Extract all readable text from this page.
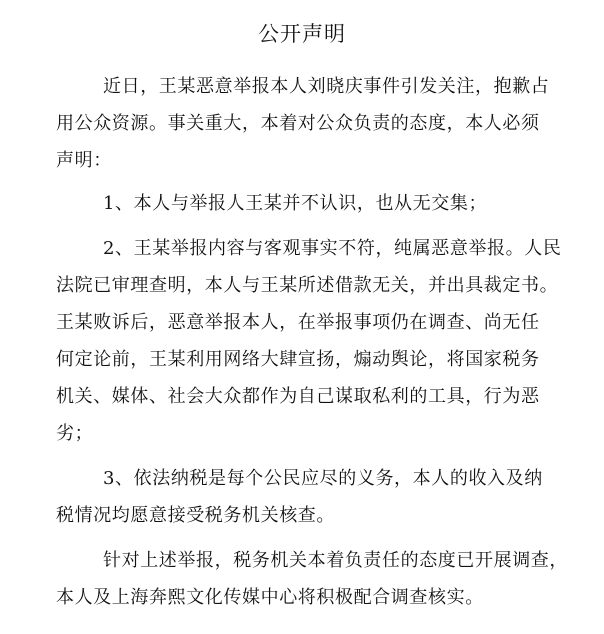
公开声明
近日，王某恶意举报本人刘晓庆事件引发关注，抱歉占
用公众资源。事关重大，本着对公众负责的态度，本人必须
声明：
1、本人与举报人王某并不认识，也从无交集；
2、王某举报内容与客观事实不符，纯属恶意举报。人民
法院已审理查明，本人与王某所述借款无关，并出具裁定书。
王某败诉后，恶意举报本人，在举报事项仍在调查、尚无任
何定论前，王某利用网络大肆宣扬，煽动舆论，将国家税务
机关、媒体、社会大众都作为自己谋取私利的工具，行为恶
劣；
3、依法纳税是每个公民应尽的义务，本人的收入及纳
税情况均愿意接受税务机关核查。
针对上述举报，税务机关本着负责任的态度已开展调查，
本人及上海奔熙文化传媒中心将积极配合调查核实。
